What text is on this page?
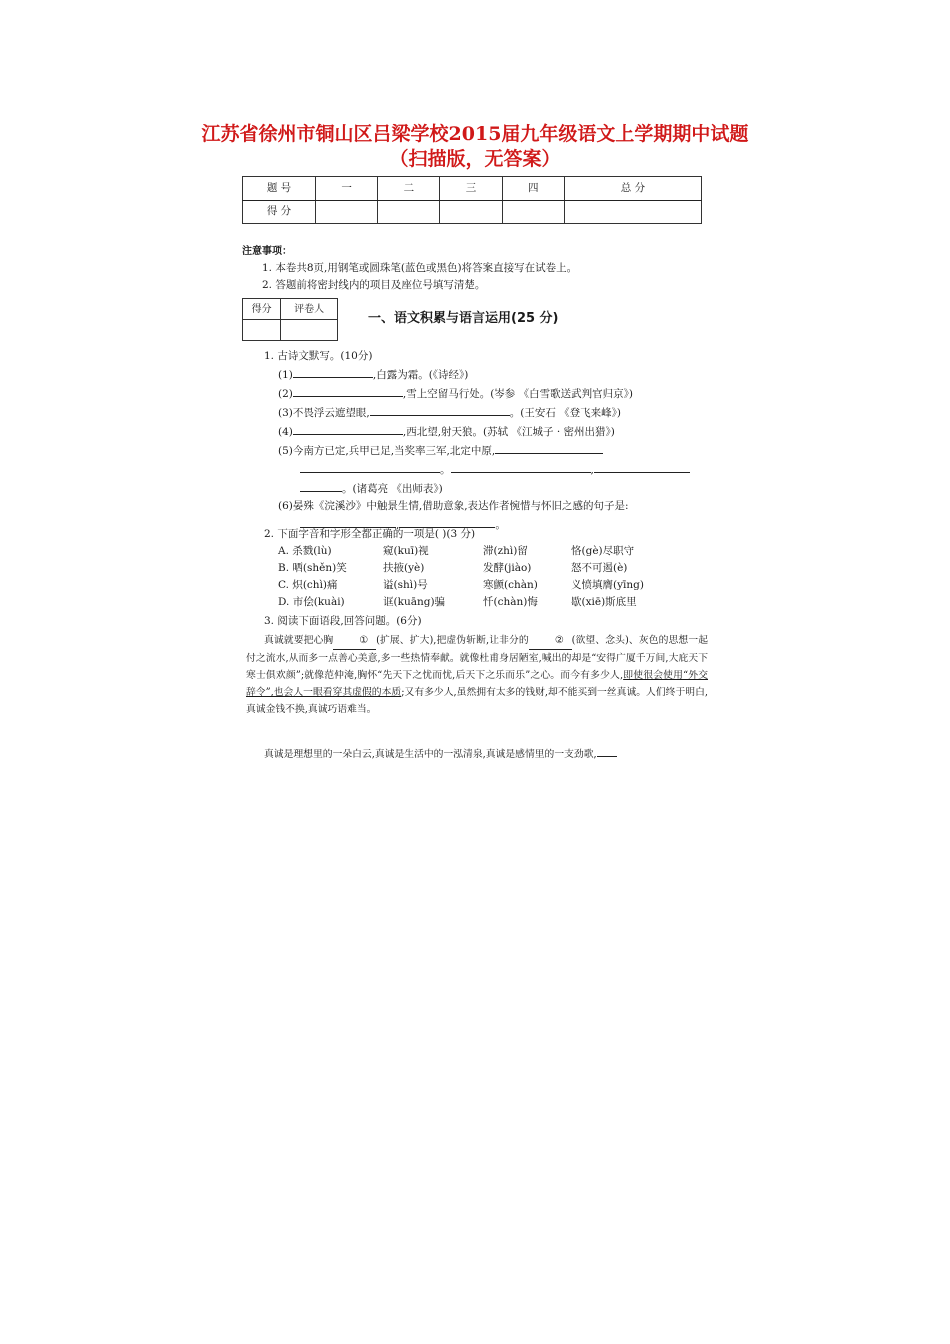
江苏省徐州市铜山区吕梁学校2015届九年级语文上学期期中试题
（扫描版，无答案）
题 号	一	二	三	四	总 分
得 分					
注意事项：
1. 本卷共8页,用钢笔或圆珠笔(蓝色或黑色)将答案直接写在试卷上。
2. 答题前将密封线内的项目及座位号填写清楚。
得分	评卷人

一、语文积累与语言运用(25 分)
1. 古诗文默写。(10分)
(1)	,白露为霜。(《诗经》)
(2)	,雪上空留马行处。(岑参 《白雪歌送武判官归京》)
(3)不畏浮云遮望眼,	。(王安石 《登飞来峰》)
(4)	,西北望,射天狼。(苏轼 《江城子 · 密州出猎》)
(5)今南方已定,兵甲已足,当奖率三军,北定中原,
。	,
。(诸葛亮 《出师表》)
(6)晏殊《浣溪沙》中触景生情,借助意象,表达作者惋惜与怀旧之感的句子是:
,	。
2. 下面字音和字形全都正确的一项是( )(3 分)
A. 杀戮(lù)	窥(kuī)视	滞(zhì)留	恪(gè)尽职守
B. 哂(shěn)笑	扶掖(yè)	发酵(jiào)	怒不可遏(è)
C. 炽(chì)痛	谥(shì)号	寒颤(chàn)	义愤填膺(yīng)
D. 市侩(kuài)	诓(kuāng)骗	忏(chàn)悔	歇(xiē)斯底里
3. 阅读下面语段,回答问题。(6分)
真诚就要把心胸	① (扩展、扩大),把虚伪斩断,让非分的	② (欲望、念头)、灰色的思想一起付之流水,从而多一点善心美意,多一些热情奉献。就像杜甫身居陋室,喊出的却是“安得广厦千万间,大庇天下寒士俱欢颜”;就像范仲淹,胸怀“先天下之忧而忧,后天下之乐而乐”之心。而今有多少人,即使很会使用“外交辞令”,也会人一眼看穿其虚假的本质;又有多少人,虽然拥有太多的钱财,却不能买到一丝真诚。人们终于明白,真诚金钱不换,真诚巧语难当。
真诚是理想里的一朵白云,真诚是生活中的一泓清泉,真诚是感情里的一支劲歌,
